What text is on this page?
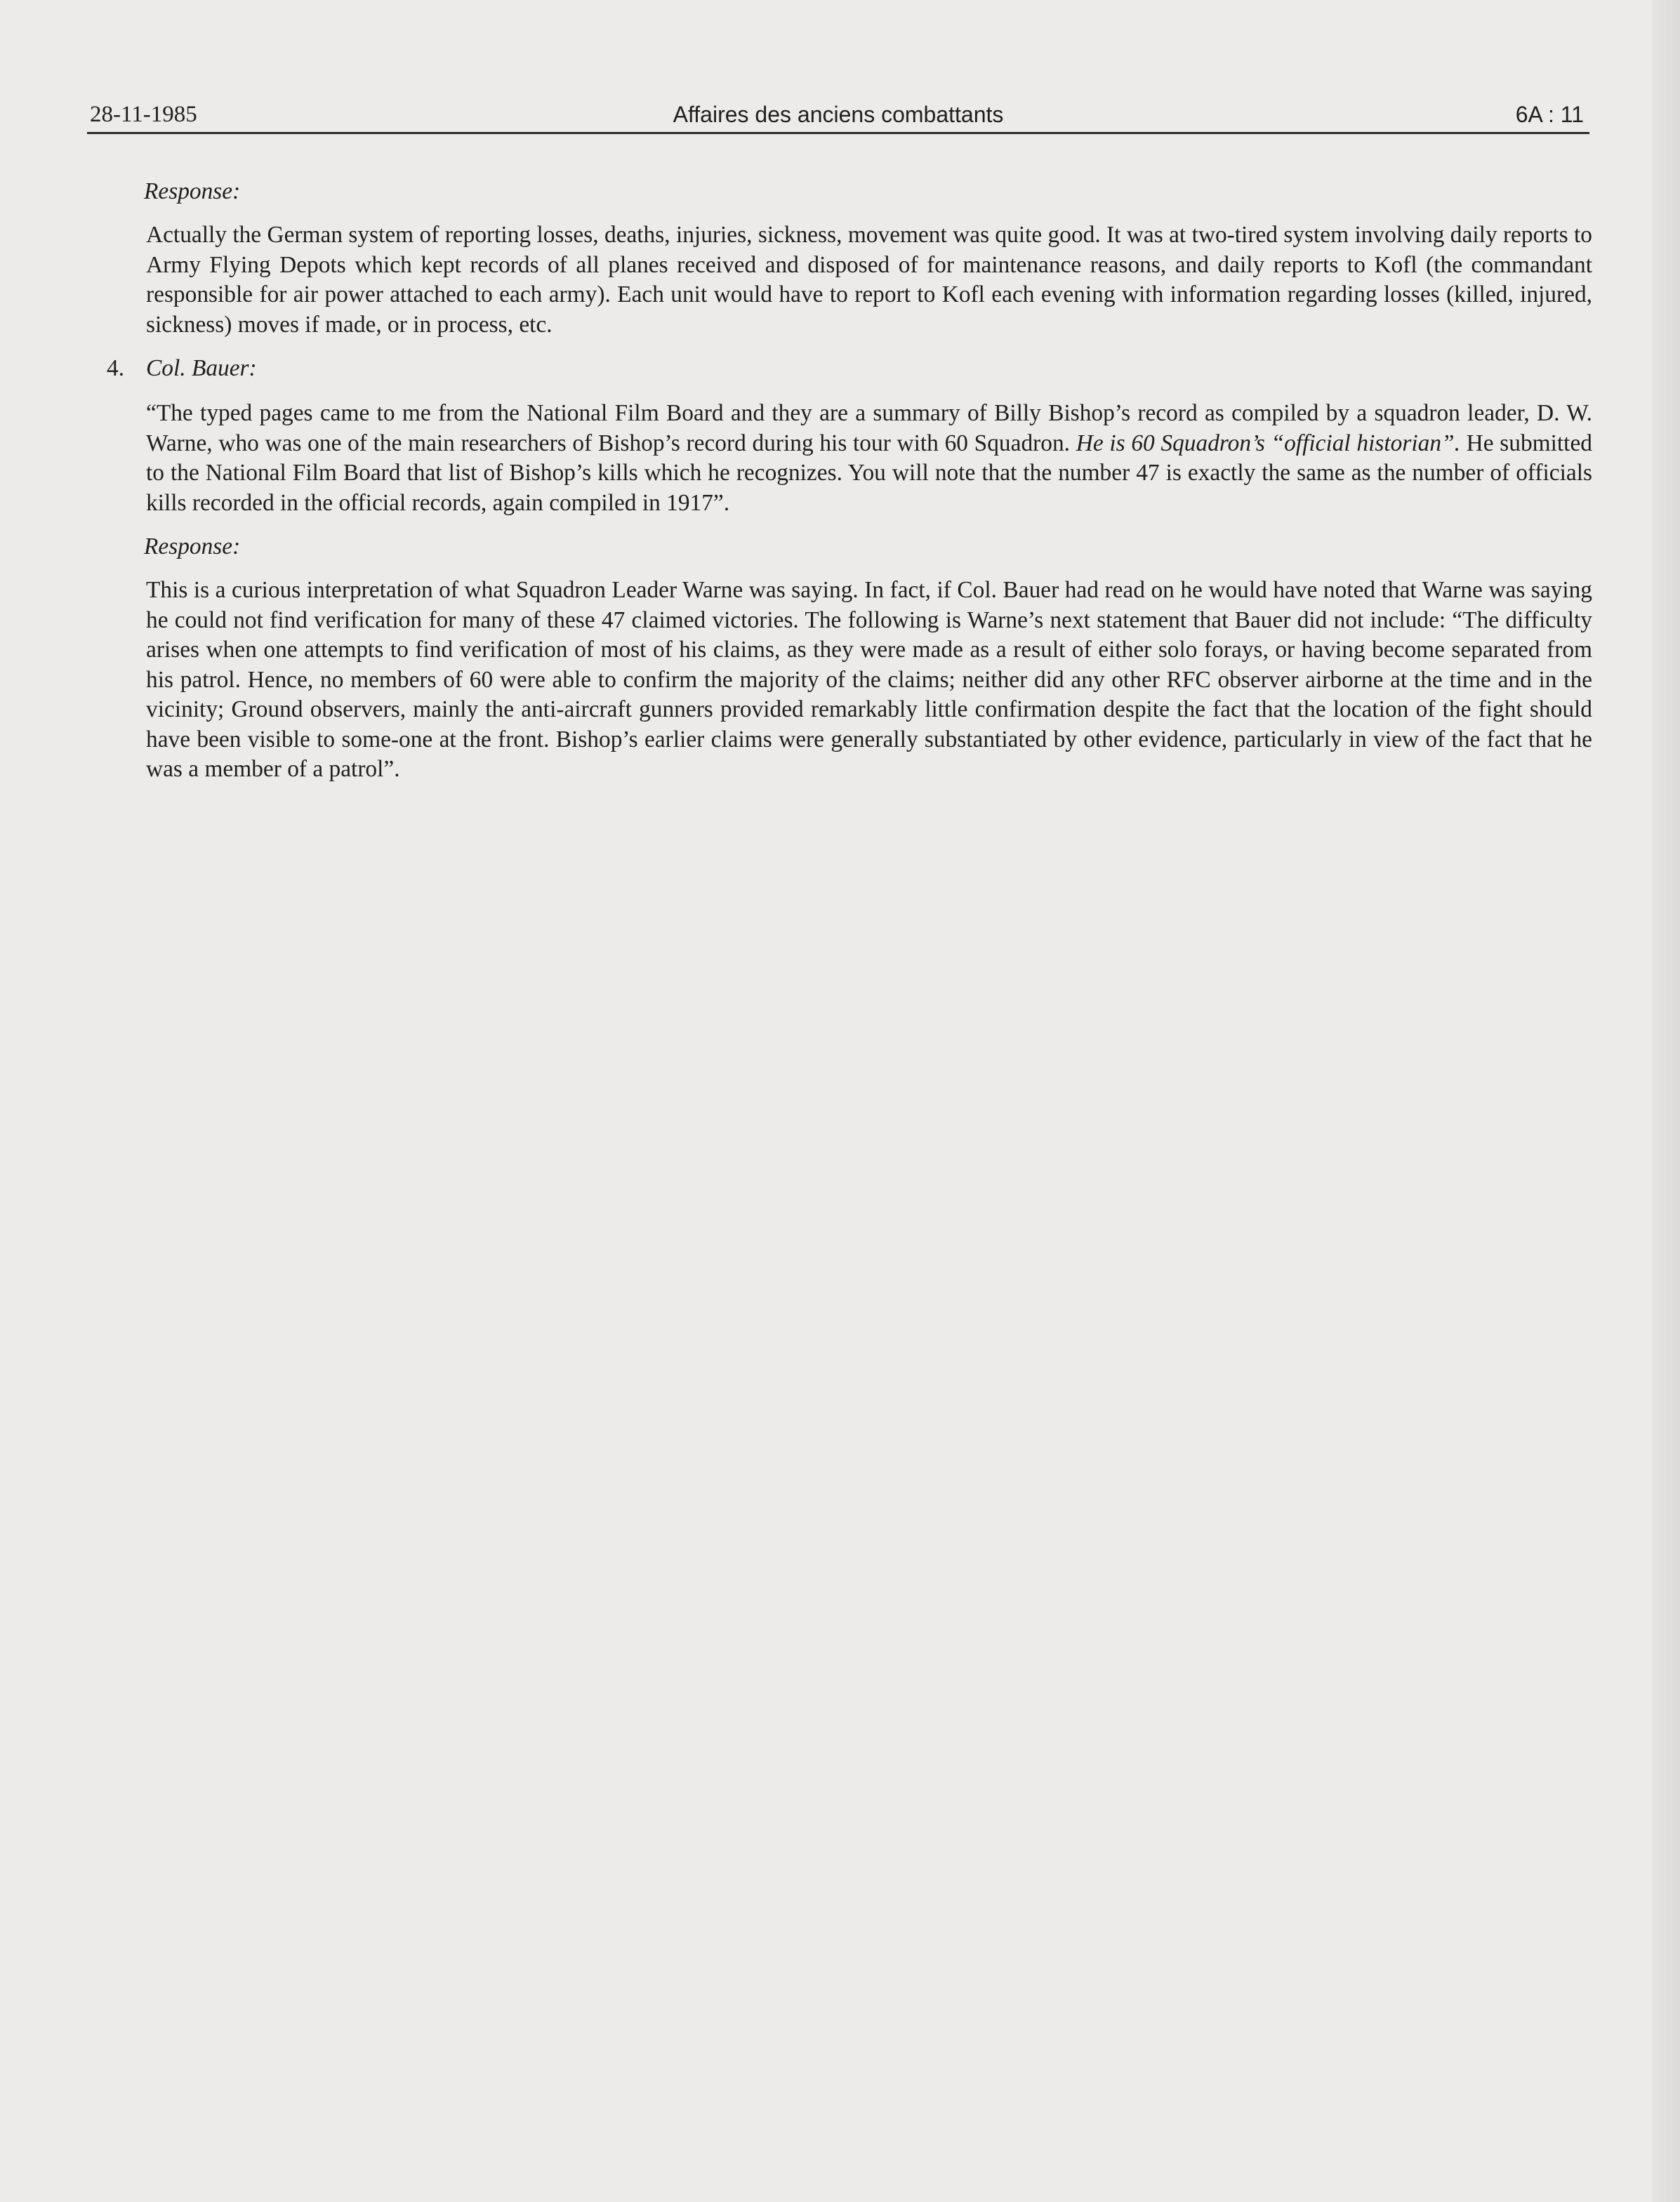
28-11-1985	Affaires des anciens combattants	6A : 11
Response:
Actually the German system of reporting losses, deaths, injuries, sickness, movement was quite good. It was at two-tired system involving daily reports to Army Flying Depots which kept records of all planes received and disposed of for maintenance reasons, and daily reports to Kofl (the commandant responsible for air power attached to each army). Each unit would have to report to Kofl each evening with information regarding losses (killed, injured, sickness) moves if made, or in process, etc.
4. Col. Bauer:
“The typed pages came to me from the National Film Board and they are a summary of Billy Bishop’s record as compiled by a squadron leader, D. W. Warne, who was one of the main researchers of Bishop’s record during his tour with 60 Squadron. He is 60 Squadron’s “official historian”. He submitted to the National Film Board that list of Bishop’s kills which he recognizes. You will note that the number 47 is exactly the same as the number of officials kills recorded in the official records, again compiled in 1917”.
Response:
This is a curious interpretation of what Squadron Leader Warne was saying. In fact, if Col. Bauer had read on he would have noted that Warne was saying he could not find verification for many of these 47 claimed victories. The following is Warne’s next statement that Bauer did not include: “The difficulty arises when one attempts to find verification of most of his claims, as they were made as a result of either solo forays, or having become separated from his patrol. Hence, no members of 60 were able to confirm the majority of the claims; neither did any other RFC observer airborne at the time and in the vicinity; Ground observers, mainly the anti-aircraft gunners provided remarkably little confirmation despite the fact that the location of the fight should have been visible to some-one at the front. Bishop’s earlier claims were generally substantiated by other evidence, particularly in view of the fact that he was a member of a patrol”.
